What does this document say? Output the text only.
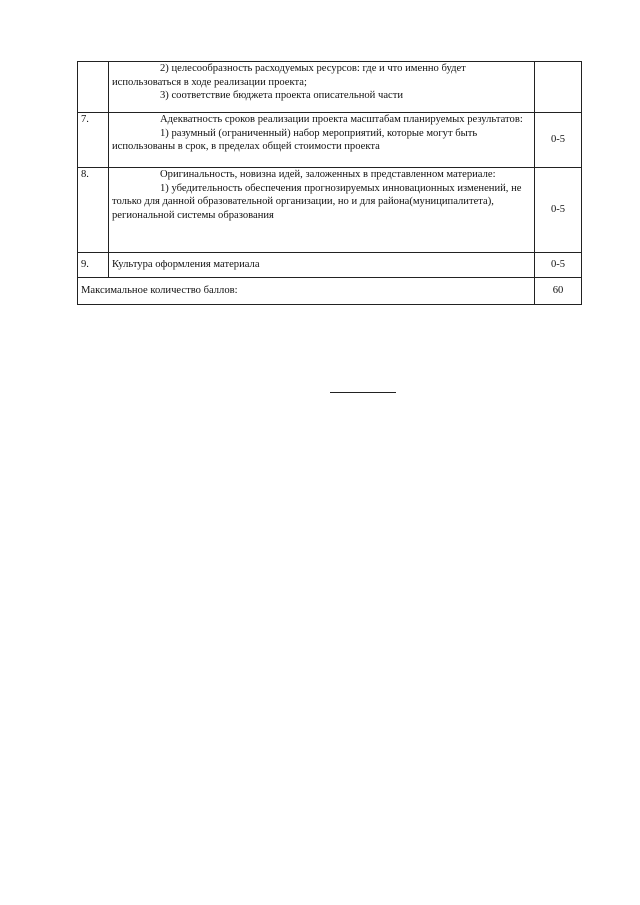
	2) целесообразность расходуемых ресурсов: где и что именно будет использоваться в ходе реализации проекта;

3) соответствие бюджета проекта описательной части	

7.	Адекватность сроков реализации проекта масштабам планируемых результатов:

1) разумный (ограниченный) набор мероприятий, которые могут быть использованы в срок, в пределах общей стоимости проекта	0-5
8.	Оригинальность, новизна идей, заложенных в представленном материале:

1) убедительность обеспечения прогнозируемых инновационных изменений, не только для данной образовательной организации, но и для района(муниципалитета), региональной системы образования	0-5
9.	Культура оформления материала	0-5
Максимальное количество баллов:		60
